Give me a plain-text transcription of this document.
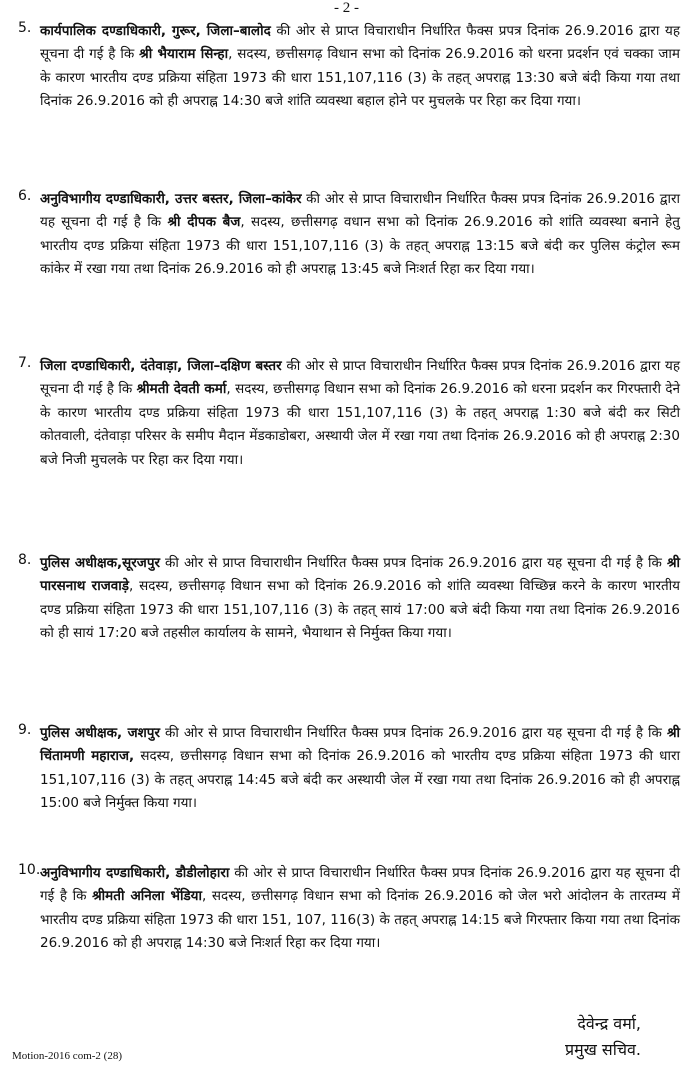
- 2 -
5. कार्यपालिक दण्डाधिकारी, गुरूर, जिला–बालोद की ओर से प्राप्त विचाराधीन निर्धारित फैक्स प्रपत्र दिनांक 26.9.2016 द्वारा यह सूचना दी गई है कि श्री भैयाराम सिन्हा, सदस्य, छत्तीसगढ़ विधान सभा को दिनांक 26.9.2016 को धरना प्रदर्शन एवं चक्का जाम के कारण भारतीय दण्ड प्रक्रिया संहिता 1973 की धारा 151,107,116 (3) के तहत् अपराह्न 13:30 बजे बंदी किया गया तथा दिनांक 26.9.2016 को ही अपराह्न 14:30 बजे शांति व्यवस्था बहाल होने पर मुचलके पर रिहा कर दिया गया।
6. अनुविभागीय दण्डाधिकारी, उत्तर बस्तर, जिला–कांकेर की ओर से प्राप्त विचाराधीन निर्धारित फैक्स प्रपत्र दिनांक 26.9.2016 द्वारा यह सूचना दी गई है कि श्री दीपक बैज, सदस्य, छत्तीसगढ़ वधान सभा को दिनांक 26.9.2016 को शांति व्यवस्था बनाने हेतु भारतीय दण्ड प्रक्रिया संहिता 1973 की धारा 151,107,116 (3) के तहत् अपराह्न 13:15 बजे बंदी कर पुलिस कंट्रोल रूम कांकेर में रखा गया तथा दिनांक 26.9.2016 को ही अपराह्न 13:45 बजे निःशर्त रिहा कर दिया गया।
7. जिला दण्डाधिकारी, दंतेवाड़ा, जिला–दक्षिण बस्तर की ओर से प्राप्त विचाराधीन निर्धारित फैक्स प्रपत्र दिनांक 26.9.2016 द्वारा यह सूचना दी गई है कि श्रीमती देवती कर्मा, सदस्य, छत्तीसगढ़ विधान सभा को दिनांक 26.9.2016 को धरना प्रदर्शन कर गिरफ्तारी देने के कारण भारतीय दण्ड प्रक्रिया संहिता 1973 की धारा 151,107,116 (3) के तहत् अपराह्न 1:30 बजे बंदी कर सिटी कोतवाली, दंतेवाड़ा परिसर के समीप मैदान मेंडकाडोबरा, अस्थायी जेल में रखा गया तथा दिनांक 26.9.2016 को ही अपराह्न 2:30 बजे निजी मुचलके पर रिहा कर दिया गया।
8. पुलिस अधीक्षक,सूरजपुर की ओर से प्राप्त विचाराधीन निर्धारित फैक्स प्रपत्र दिनांक 26.9.2016 द्वारा यह सूचना दी गई है कि श्री पारसनाथ राजवाड़े, सदस्य, छत्तीसगढ़ विधान सभा को दिनांक 26.9.2016 को शांति व्यवस्था विच्छिन्न करने के कारण भारतीय दण्ड प्रक्रिया संहिता 1973 की धारा 151,107,116 (3) के तहत् सायं 17:00 बजे बंदी किया गया तथा दिनांक 26.9.2016 को ही सायं 17:20 बजे तहसील कार्यालय के सामने, भैयाथान से निर्मुक्त किया गया।
9. पुलिस अधीक्षक, जशपुर की ओर से प्राप्त विचाराधीन निर्धारित फैक्स प्रपत्र दिनांक 26.9.2016 द्वारा यह सूचना दी गई है कि श्री चिंतामणी महाराज, सदस्य, छत्तीसगढ़ विधान सभा को दिनांक 26.9.2016 को भारतीय दण्ड प्रक्रिया संहिता 1973 की धारा 151,107,116 (3) के तहत् अपराह्न 14:45 बजे बंदी कर अस्थायी जेल में रखा गया तथा दिनांक 26.9.2016 को ही अपराह्न 15:00 बजे निर्मुक्त किया गया।
10. अनुविभागीय दण्डाधिकारी, डौडीलोहारा की ओर से प्राप्त विचाराधीन निर्धारित फैक्स प्रपत्र दिनांक 26.9.2016 द्वारा यह सूचना दी गई है कि श्रीमती अनिला भेंडिया, सदस्य, छत्तीसगढ़ विधान सभा को दिनांक 26.9.2016 को जेल भरो आंदोलन के तारतम्य में भारतीय दण्ड प्रक्रिया संहिता 1973 की धारा 151, 107, 116(3) के तहत् अपराह्न 14:15 बजे गिरफ्तार किया गया तथा दिनांक 26.9.2016 को ही अपराह्न 14:30 बजे निःशर्त रिहा कर दिया गया।
देवेन्द्र वर्मा,
प्रमुख सचिव.
Motion-2016 com-2 (28)
